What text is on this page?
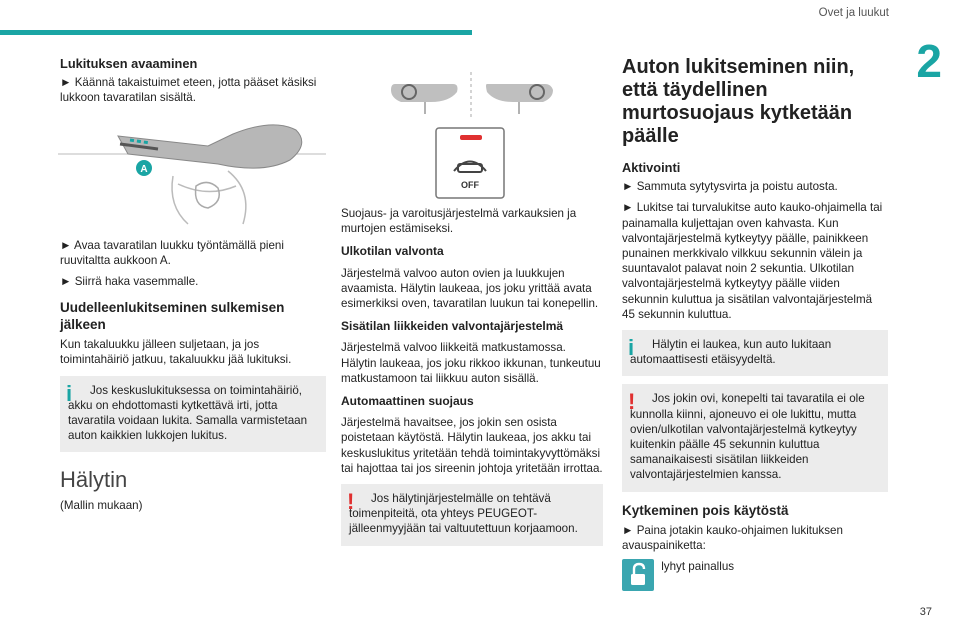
Ovet ja luukut
2
Lukituksen avaaminen

► Käännä takaistuimet eteen, jotta pääset käsiksi lukkoon tavaratilan sisältä.

A

► Avaa tavaratilan luukku työntämällä pieni ruuvitaltta aukkoon A.

► Siirrä haka vasemmalle.

Uudelleenlukitseminen sulkemisen jälkeen

Kun takaluukku jälleen suljetaan, ja jos toimintahäiriö jatkuu, takaluukku jää lukituksi.

i	Jos keskuslukituksessa on toimintahäiriö, akku on ehdottomasti kytkettävä irti, jotta tavaratila voidaan lukita. Samalla varmistetaan auton kaikkien lukkojen lukitus.
Hälytin

(Mallin mukaan)

OFF

Suojaus- ja varoitusjärjestelmä varkauksien ja murtojen estämiseksi.

Ulkotilan valvonta

Järjestelmä valvoo auton ovien ja luukkujen avaamista. Hälytin laukeaa, jos joku yrittää avata esimerkiksi oven, tavaratilan luukun tai konepellin.

Sisätilan liikkeiden valvontajärjestelmä

Järjestelmä valvoo liikkeitä matkustamossa. Hälytin laukeaa, jos joku rikkoo ikkunan, tunkeutuu matkustamoon tai liikkuu auton sisällä.

Automaattinen suojaus

Järjestelmä havaitsee, jos jokin sen osista poistetaan käytöstä. Hälytin laukeaa, jos akku tai keskuslukitus yritetään tehdä toimintakyvyttömäksi tai hajottaa tai jos sireenin johtoja yritetään irrottaa.

!	Jos hälytinjärjestelmälle on tehtävä toimenpiteitä, ota yhteys PEUGEOT-jälleenmyyjään tai valtuutettuun korjaamoon.
Auton lukitseminen niin, että täydellinen murtosuojaus kytketään päälle
Aktivointi

► Sammuta sytytysvirta ja poistu autosta.

► Lukitse tai turvalukitse auto kauko-ohjaimella tai painamalla kuljettajan oven kahvasta. Kun valvontajärjestelmä kytkeytyy päälle, painikkeen punainen merkkivalo vilkkuu sekunnin välein ja suuntavalot palavat noin 2 sekuntia. Ulkotilan valvontajärjestelmä kytkeytyy päälle viiden sekunnin kuluttua ja sisätilan valvontajärjestelmä 45 sekunnin kuluttua.

i	Hälytin ei laukea, kun auto lukitaan automaattisesti etäisyydeltä.
!	Jos jokin ovi, konepelti tai tavaratila ei ole kunnolla kiinni, ajoneuvo ei ole lukittu, mutta ovien/ulkotilan valvontajärjestelmä kytkeytyy kuitenkin päälle 45 sekunnin kuluttua samanaikaisesti sisätilan liikkeiden valvontajärjestelmien kanssa.
Kytkeminen pois käytöstä

► Paina jotakin kauko-ohjaimen lukituksen avauspainiketta:

lyhyt painallus
37
